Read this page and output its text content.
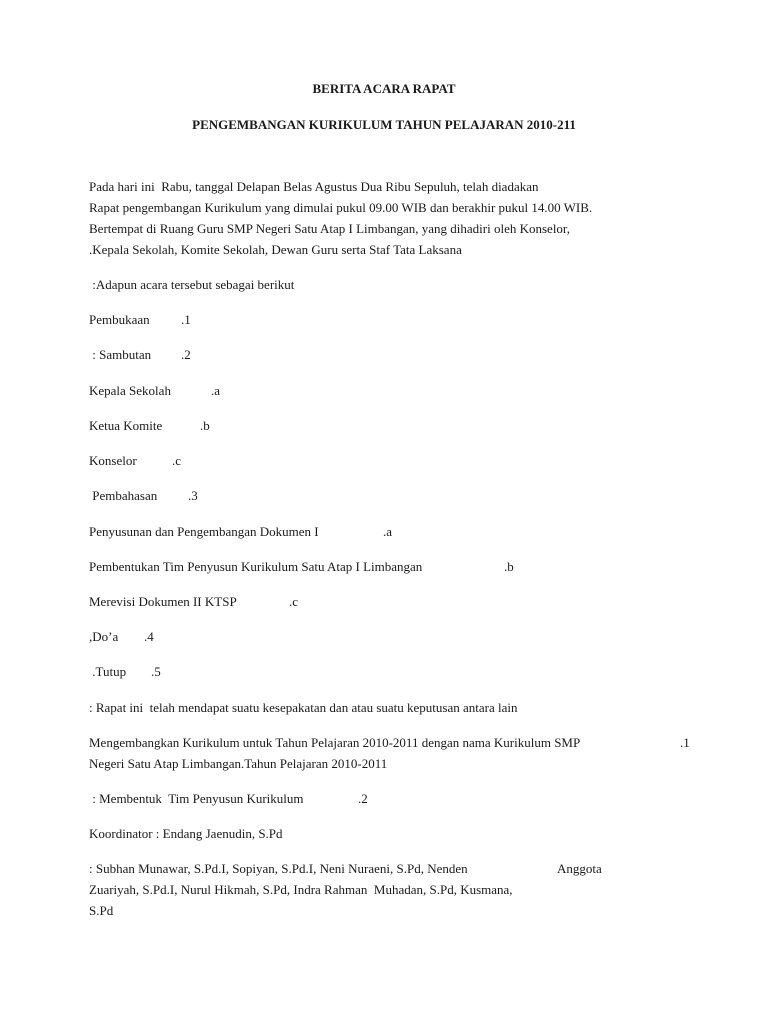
BERITA ACARA RAPAT
PENGEMBANGAN KURIKULUM TAHUN PELAJARAN 2010-211
Pada hari ini  Rabu, tanggal Delapan Belas Agustus Dua Ribu Sepuluh, telah diadakan
Rapat pengembangan Kurikulum yang dimulai pukul 09.00 WIB dan berakhir pukul 14.00 WIB.
Bertempat di Ruang Guru SMP Negeri Satu Atap I Limbangan, yang dihadiri oleh Konselor,
.Kepala Sekolah, Komite Sekolah, Dewan Guru serta Staf Tata Laksana
:Adapun acara tersebut sebagai berikut
Pembukaan .1
: Sambutan .2
Kepala Sekolah	.a
Ketua Komite	.b
Konselor	.c
Pembahasan .3
Penyusunan dan Pengembangan Dokumen I	.a
Pembentukan Tim Penyusun Kurikulum Satu Atap I Limbangan	.b
Merevisi Dokumen II KTSP	.c
,Do’a .4
.Tutup .5
: Rapat ini  telah mendapat suatu kesepakatan dan atau suatu keputusan antara lain
Mengembangkan Kurikulum untuk Tahun Pelajaran 2010-2011 dengan nama Kurikulum SMP	.1
Negeri Satu Atap Limbangan.Tahun Pelajaran 2010-2011
: Membentuk  Tim Penyusun Kurikulum	.2
Koordinator : Endang Jaenudin, S.Pd
: Subhan Munawar, S.Pd.I, Sopiyan, S.Pd.I, Neni Nuraeni, S.Pd, Nenden	Anggota
Zuariyah, S.Pd.I, Nurul Hikmah, S.Pd, Indra Rahman  Muhadan, S.Pd, Kusmana,
S.Pd
